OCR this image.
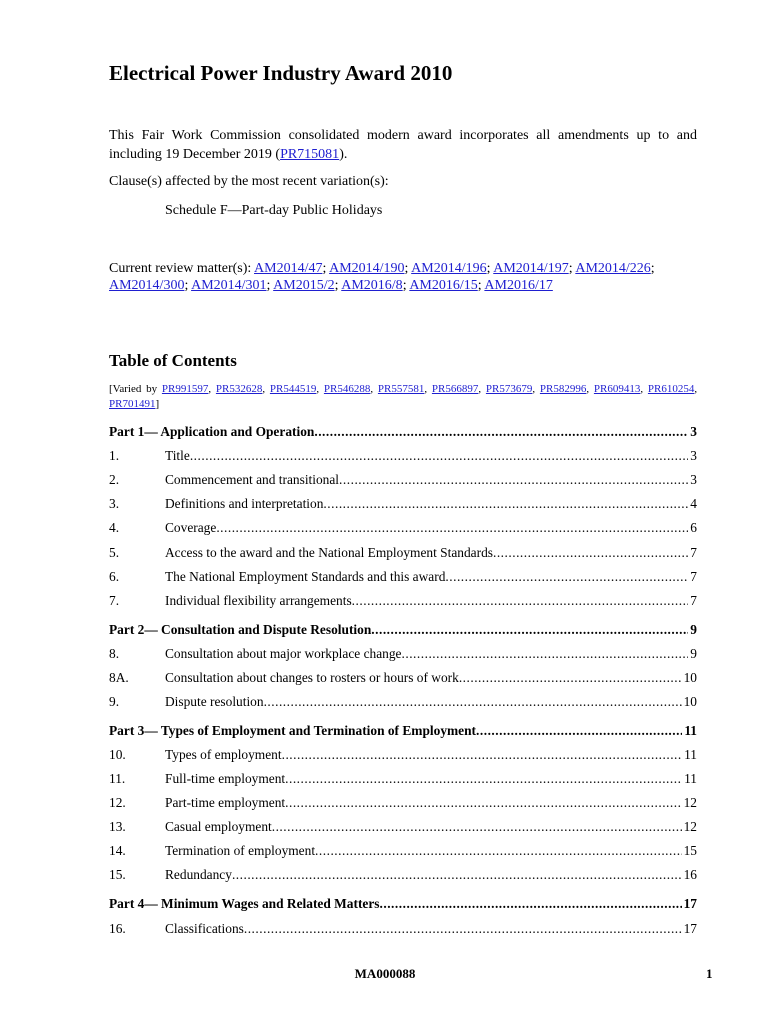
Electrical Power Industry Award 2010

This Fair Work Commission consolidated modern award incorporates all amendments up to and including 19 December 2019 (PR715081).

Clause(s) affected by the most recent variation(s):

Schedule F—Part-day Public Holidays

Current review matter(s): AM2014/47; AM2014/190; AM2014/196; AM2014/197; AM2014/226; AM2014/300; AM2014/301; AM2015/2; AM2016/8; AM2016/15; AM2016/17

Table of Contents

[Varied by PR991597, PR532628, PR544519, PR546288, PR557581, PR566897, PR573679, PR582996, PR609413, PR610254, PR701491]

Part 1— Application and Operation .....	3
1.	Title .....	3
2.	Commencement and transitional .....	3
3.	Definitions and interpretation .....	4
4.	Coverage .....	6
5.	Access to the award and the National Employment Standards .....	7
6.	The National Employment Standards and this award .....	7
7.	Individual flexibility arrangements .....	7
Part 2— Consultation and Dispute Resolution .....	9
8.	Consultation about major workplace change .....	9
8A.	Consultation about changes to rosters or hours of work .....	10
9.	Dispute resolution .....	10
Part 3— Types of Employment and Termination of Employment .....	11
10.	Types of employment .....	11
11.	Full-time employment .....	11
12.	Part-time employment .....	12
13.	Casual employment .....	12
14.	Termination of employment .....	15
15.	Redundancy .....	16
Part 4— Minimum Wages and Related Matters .....	17
16.	Classifications .....	17

MA000088	1
